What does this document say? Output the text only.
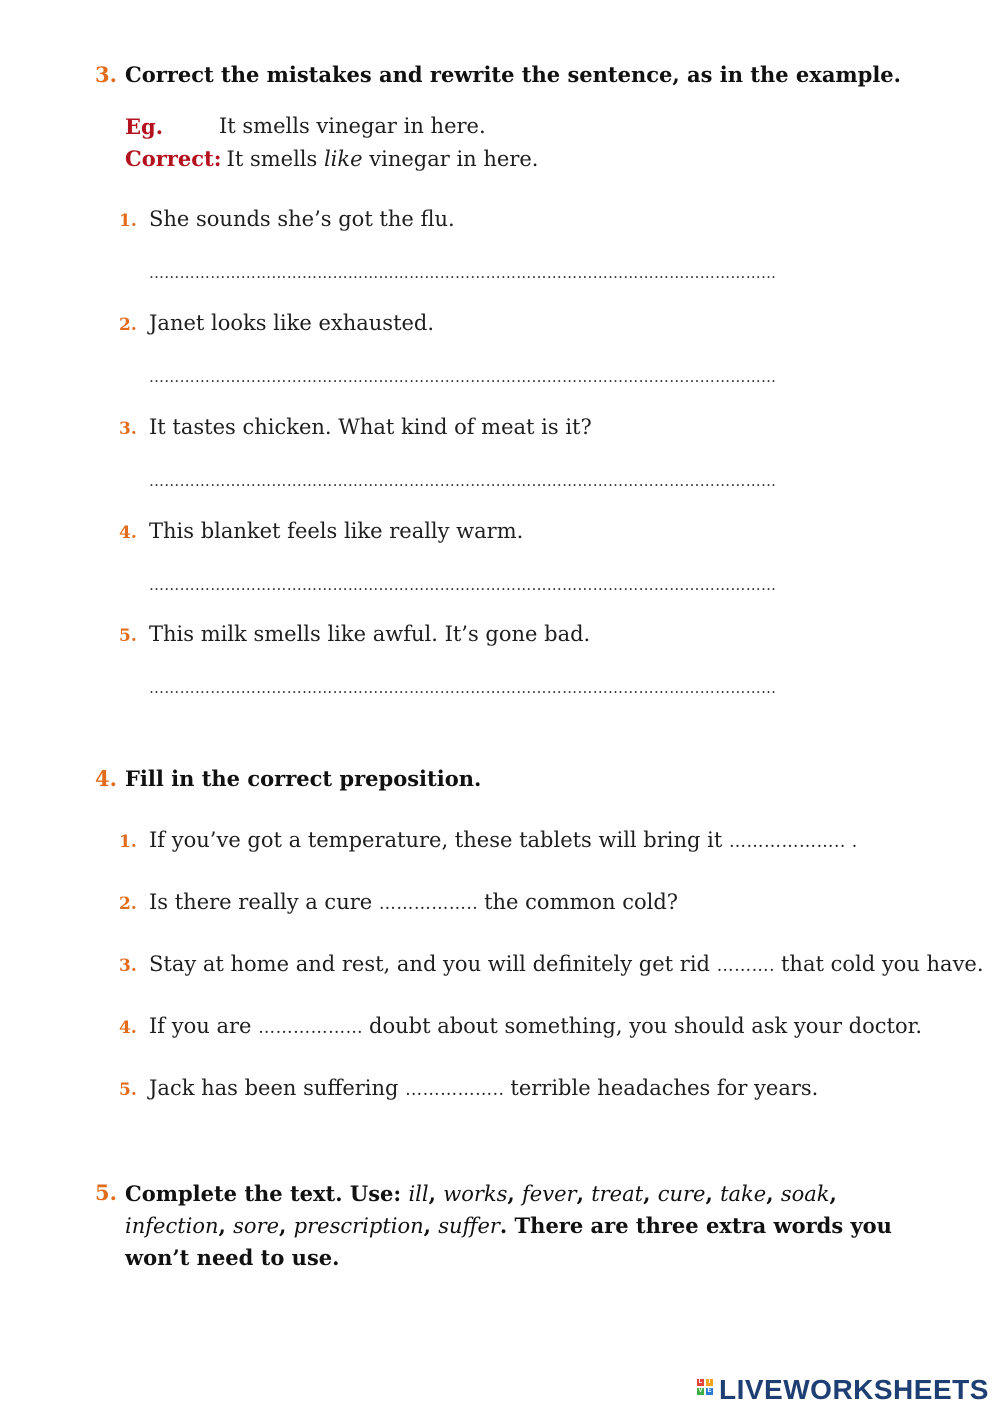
3. Correct the mistakes and rewrite the sentence, as in the example.
Eg.	It smells vinegar in here.
Correct: It smells like vinegar in here.
1. She sounds she’s got the flu.
……………………………………………………………………………………………………………
2. Janet looks like exhausted.
……………………………………………………………………………………………………………
3. It tastes chicken. What kind of meat is it?
……………………………………………………………………………………………………………
4. This blanket feels like really warm.
……………………………………………………………………………………………………………
5. This milk smells like awful. It’s gone bad.
……………………………………………………………………………………………………………
4. Fill in the correct preposition.
1. If you’ve got a temperature, these tablets will bring it ……………….. .
2. Is there really a cure …………….. the common cold?
3. Stay at home and rest, and you will definitely get rid ………. that cold you have.
4. If you are ……………… doubt about something, you should ask your doctor.
5. Jack has been suffering …………….. terrible headaches for years.
5. Complete the text. Use: ill, works, fever, treat, cure, take, soak, infection, sore, prescription, suffer. There are three extra words you won’t need to use.
L	I
V E LIVEWORKSHEETS
